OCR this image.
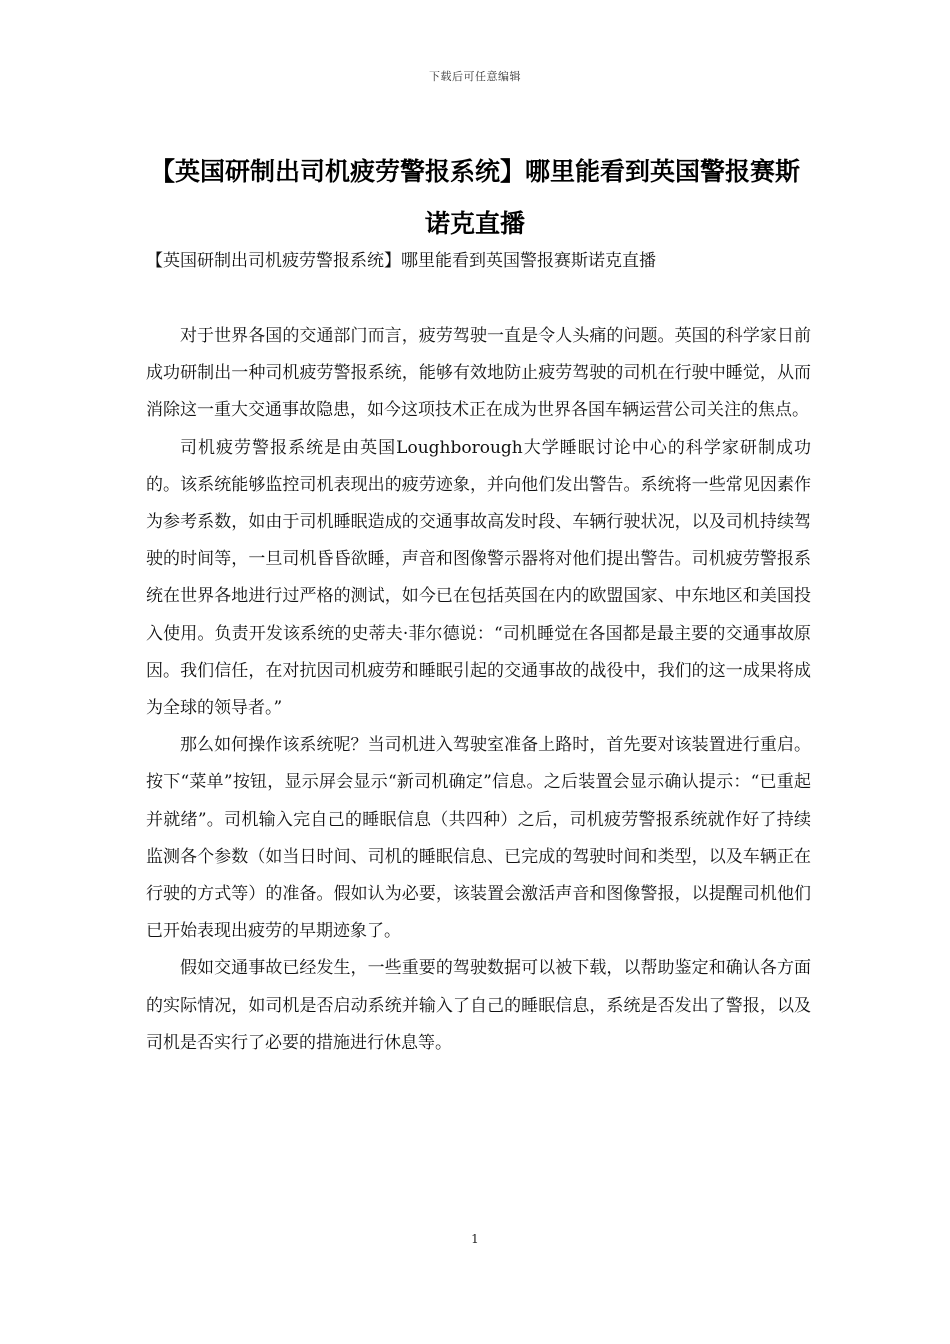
下载后可任意编辑
【英国研制出司机疲劳警报系统】哪里能看到英国警报赛斯诺克直播
【英国研制出司机疲劳警报系统】哪里能看到英国警报赛斯诺克直播

对于世界各国的交通部门而言，疲劳驾驶一直是令人头痛的问题。英国的科学家日前成功研制出一种司机疲劳警报系统，能够有效地防止疲劳驾驶的司机在行驶中睡觉，从而消除这一重大交通事故隐患，如今这项技术正在成为世界各国车辆运营公司关注的焦点。

司机疲劳警报系统是由英国Loughborough大学睡眠讨论中心的科学家研制成功的。该系统能够监控司机表现出的疲劳迹象，并向他们发出警告。系统将一些常见因素作为参考系数，如由于司机睡眠造成的交通事故高发时段、车辆行驶状况，以及司机持续驾驶的时间等，一旦司机昏昏欲睡，声音和图像警示器将对他们提出警告。司机疲劳警报系统在世界各地进行过严格的测试，如今已在包括英国在内的欧盟国家、中东地区和美国投入使用。负责开发该系统的史蒂夫·菲尔德说：“司机睡觉在各国都是最主要的交通事故原因。我们信任，在对抗因司机疲劳和睡眠引起的交通事故的战役中，我们的这一成果将成为全球的领导者。”

那么如何操作该系统呢？当司机进入驾驶室准备上路时，首先要对该装置进行重启。按下“菜单”按钮，显示屏会显示“新司机确定”信息。之后装置会显示确认提示：“已重起并就绪”。司机输入完自己的睡眠信息（共四种）之后，司机疲劳警报系统就作好了持续监测各个参数（如当日时间、司机的睡眠信息、已完成的驾驶时间和类型，以及车辆正在行驶的方式等）的准备。假如认为必要，该装置会激活声音和图像警报，以提醒司机他们已开始表现出疲劳的早期迹象了。

假如交通事故已经发生，一些重要的驾驶数据可以被下载，以帮助鉴定和确认各方面的实际情况，如司机是否启动系统并输入了自己的睡眠信息，系统是否发出了警报，以及司机是否实行了必要的措施进行休息等。

1
